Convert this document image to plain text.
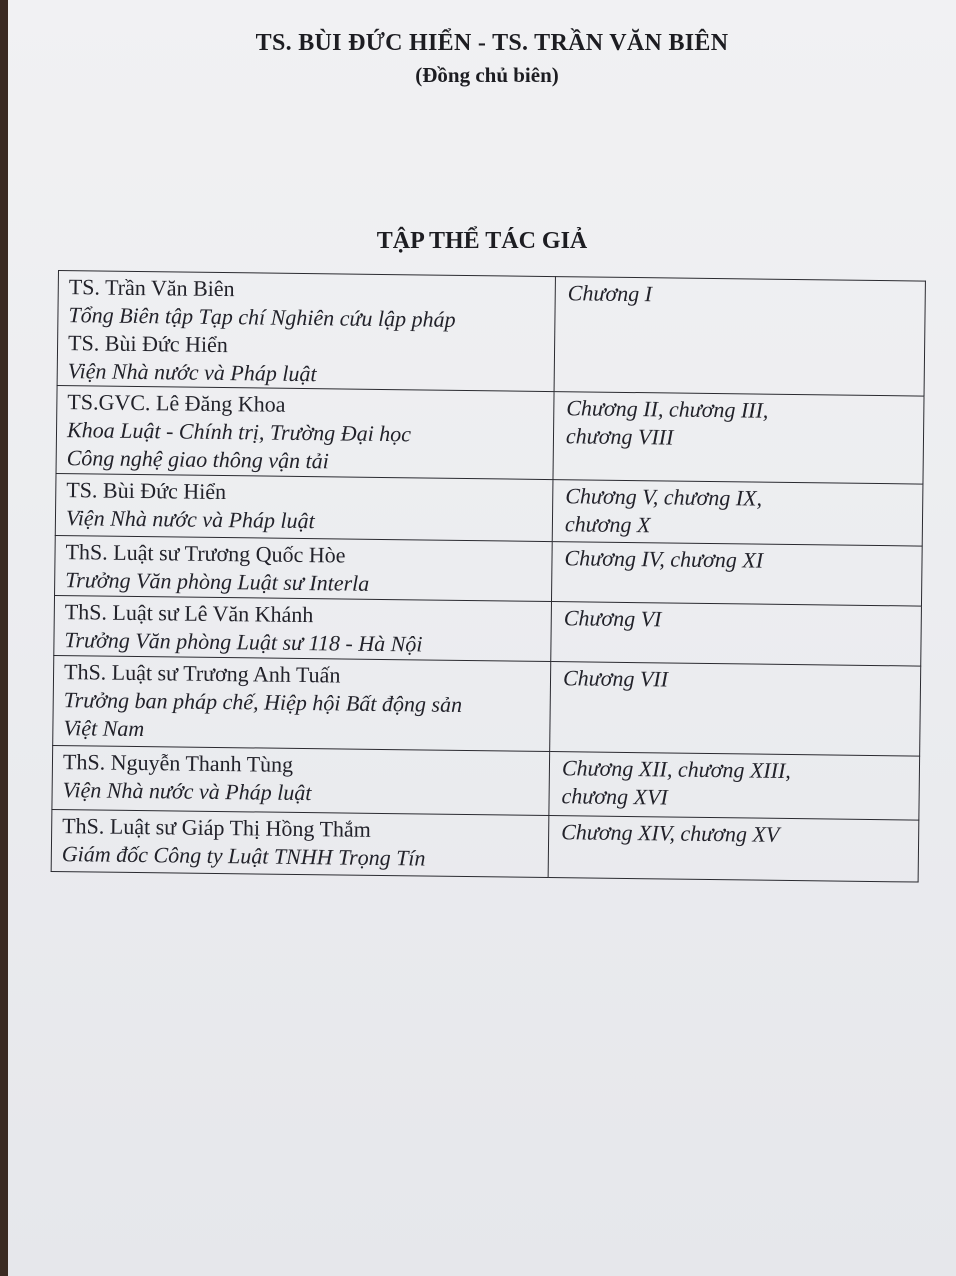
TS. BÙI ĐỨC HIỂN - TS. TRẦN VĂN BIÊN
(Đồng chủ biên)
TẬP THỂ TÁC GIẢ
TS. Trần Văn Biên
Tổng Biên tập Tạp chí Nghiên cứu lập pháp
TS. Bùi Đức Hiển
Viện Nhà nước và Pháp luật	Chương I

TS.GVC. Lê Đăng Khoa
Khoa Luật - Chính trị, Trường Đại học
Công nghệ giao thông vận tải	Chương II, chương III,
chương VIII

TS. Bùi Đức Hiển
Viện Nhà nước và Pháp luật	Chương V, chương IX,
chương X

ThS. Luật sư Trương Quốc Hòe
Trưởng Văn phòng Luật sư Interla	Chương IV, chương XI

ThS. Luật sư Lê Văn Khánh
Trưởng Văn phòng Luật sư 118 - Hà Nội	Chương VI

ThS. Luật sư Trương Anh Tuấn
Trưởng ban pháp chế, Hiệp hội Bất động sản
Việt Nam	Chương VII

ThS. Nguyễn Thanh Tùng
Viện Nhà nước và Pháp luật	Chương XII, chương XIII,
chương XVI

ThS. Luật sư Giáp Thị Hồng Thắm
Giám đốc Công ty Luật TNHH Trọng Tín	Chương XIV, chương XV
